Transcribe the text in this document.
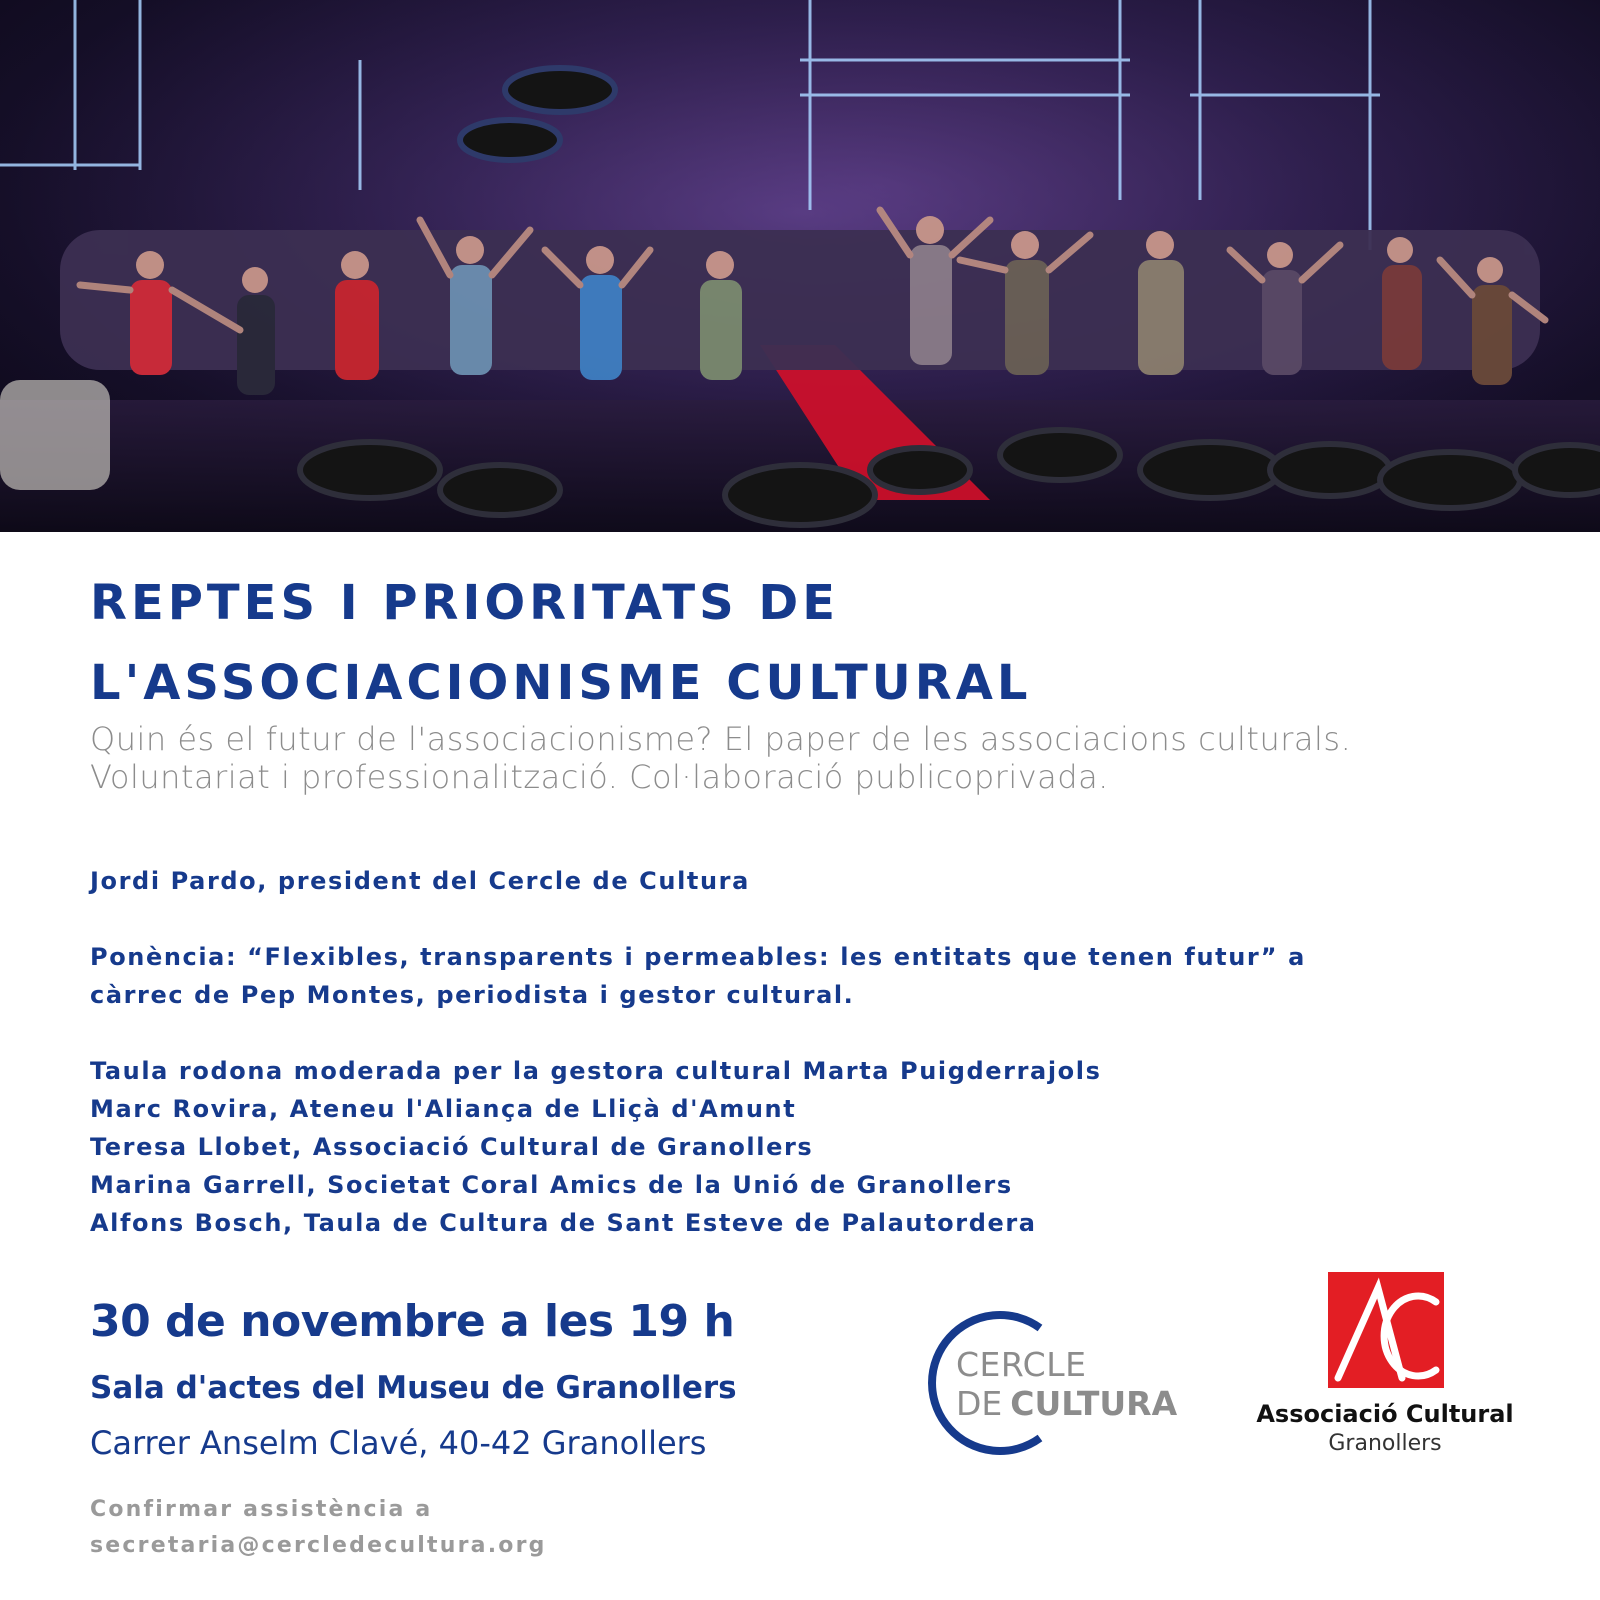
REPTES I PRIORITATS DE
L'ASSOCIACIONISME CULTURAL

Quin és el futur de l'associacionisme? El paper de les associacions culturals.
Voluntariat i professionalització. Col·laboració publicoprivada.

Jordi Pardo, president del Cercle de Cultura

Ponència: “Flexibles, transparents i permeables: les entitats que tenen futur” a

càrrec de Pep Montes, periodista i gestor cultural.

Taula rodona moderada per la gestora cultural Marta Puigderrajols

Marc Rovira, Ateneu l'Aliança de Lliçà d'Amunt

Teresa Llobet, Associació Cultural de Granollers

Marina Garrell, Societat Coral Amics de la Unió de Granollers

Alfons Bosch, Taula de Cultura de Sant Esteve de Palautordera

30 de novembre a les 19 h

Sala d'actes del Museu de Granollers

Carrer Anselm Clavé, 40-42 Granollers

Confirmar assistència a
secretaria@cercledecultura.org
CERCLE
DE CULTURA	Associació Cultural
Granollers
